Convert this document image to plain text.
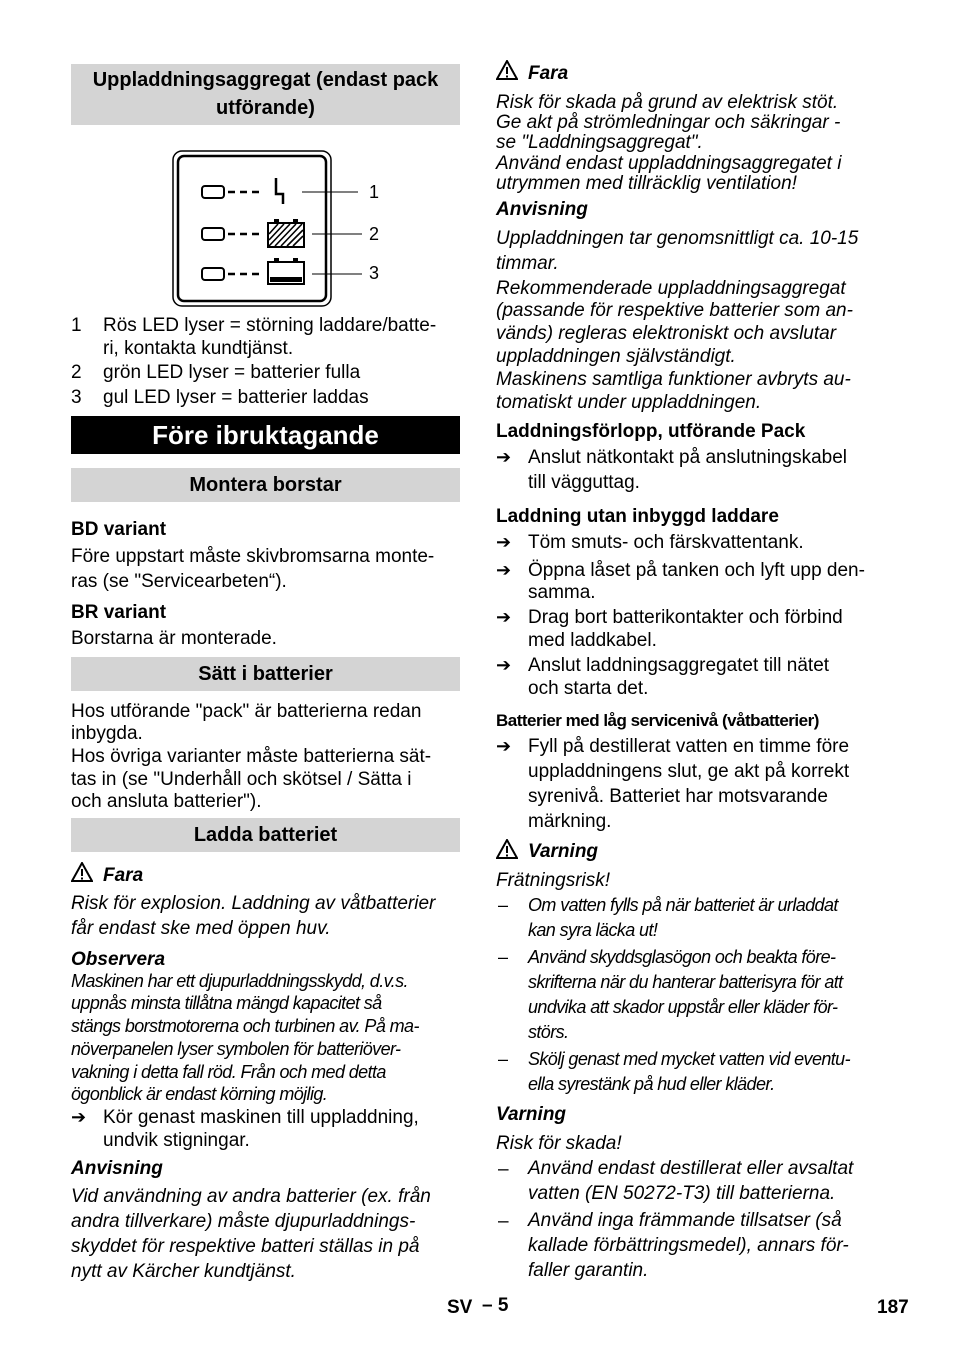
Uppladdningsaggregat (endast pack utförande)
1
2
3
1 Rös LED lyser = störning laddare/batte-
ri, kontakta kundtjänst.
2 grön LED lyser = batterier fulla
3 gul LED lyser = batterier laddas
Före ibruktagande
Montera borstar
BD variant
Före uppstart måste skivbromsarna monte-
ras (se "Servicearbeten“).
BR variant
Borstarna är monterade.
Sätt i batterier
Hos utförande "pack" är batterierna redan
inbygda.
Hos övriga varianter måste batterierna sät-
tas in (se "Underhåll och skötsel / Sätta i
och ansluta batterier").
Ladda batteriet
Fara
Risk för explosion. Laddning av våtbatterier
får endast ske med öppen huv.
Observera
Maskinen har ett djupurladdningsskydd, d.v.s.
uppnås minsta tillåtna mängd kapacitet så
stängs borstmotorerna och turbinen av. På ma-
növerpanelen lyser symbolen för batteriöver-
vakning i detta fall röd. Från och med detta
ögonblick är endast körning möjlig.
➔ Kör genast maskinen till uppladdning,
undvik stigningar.
Anvisning
Vid användning av andra batterier (ex. från
andra tillverkare) måste djupurladdnings-
skyddet för respektive batteri ställas in på
nytt av Kärcher kundtjänst.
Fara
Risk för skada på grund av elektrisk stöt.
Ge akt på strömledningar och säkringar -
se "Laddningsaggregat".
Använd endast uppladdningsaggregatet i
utrymmen med tillräcklig ventilation!
Anvisning
Uppladdningen tar genomsnittligt ca. 10-15
timmar.
Rekommenderade uppladdningsaggregat
(passande för respektive batterier som an-
vänds) regleras elektroniskt och avslutar
uppladdningen självständigt.
Maskinens samtliga funktioner avbryts au-
tomatiskt under uppladdningen.
Laddningsförlopp, utförande Pack
➔ Anslut nätkontakt på anslutningskabel
till vägguttag.
Laddning utan inbyggd laddare
➔ Töm smuts- och färskvattentank.
➔ Öppna låset på tanken och lyft upp den-
samma.
➔ Drag bort batterikontakter och förbind
med laddkabel.
➔ Anslut laddningsaggregatet till nätet
och starta det.
Batterier med låg servicenivå (våtbatterier)
➔ Fyll på destillerat vatten en timme före
uppladdningens slut, ge akt på korrekt
syrenivå. Batteriet har motsvarande
märkning.
Varning
Frätningsrisk!
– Om vatten fylls på när batteriet är urladdat
kan syra läcka ut!
– Använd skyddsglasögon och beakta före-
skrifterna när du hanterar batterisyra för att
undvika att skador uppstår eller kläder för-
störs.
– Skölj genast med mycket vatten vid eventu-
ella syrestänk på hud eller kläder.
Varning
Risk för skada!
– Använd endast destillerat eller avsaltat
vatten (EN 50272-T3) till batterierna.
– Använd inga främmande tillsatser (så
kallade förbättringsmedel), annars för-
faller garantin.
SV – 5	187
